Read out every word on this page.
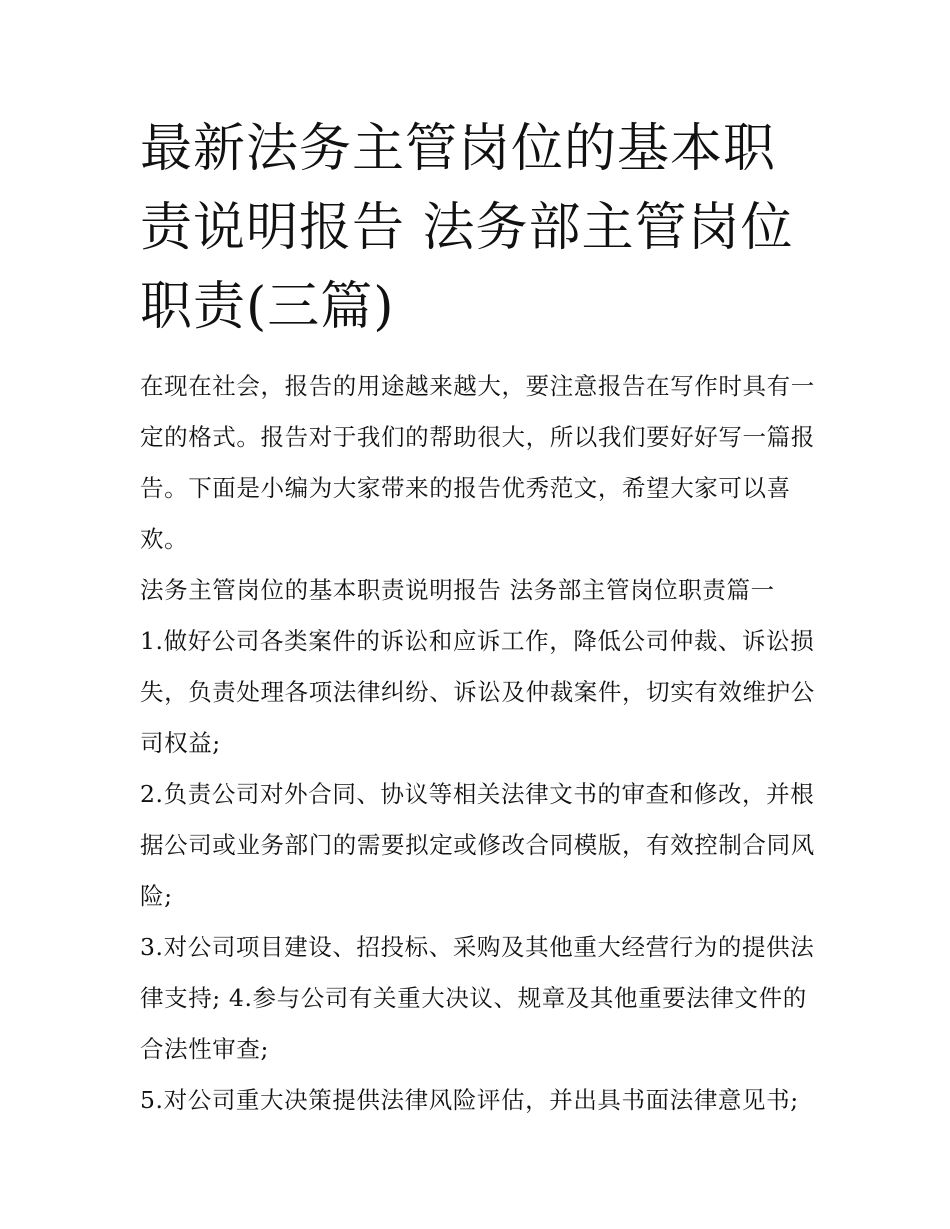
最新法务主管岗位的基本职责说明报告 法务部主管岗位职责(三篇)

在现在社会，报告的用途越来越大，要注意报告在写作时具有一定的格式。报告对于我们的帮助很大，所以我们要好好写一篇报告。下面是小编为大家带来的报告优秀范文，希望大家可以喜欢。

法务主管岗位的基本职责说明报告 法务部主管岗位职责篇一

1.做好公司各类案件的诉讼和应诉工作，降低公司仲裁、诉讼损失，负责处理各项法律纠纷、诉讼及仲裁案件，切实有效维护公司权益;

2.负责公司对外合同、协议等相关法律文书的审查和修改，并根据公司或业务部门的需要拟定或修改合同模版，有效控制合同风险;

3.对公司项目建设、招投标、采购及其他重大经营行为的提供法律支持; 4.参与公司有关重大决议、规章及其他重要法律文件的合法性审查;

5.对公司重大决策提供法律风险评估，并出具书面法律意见书;
